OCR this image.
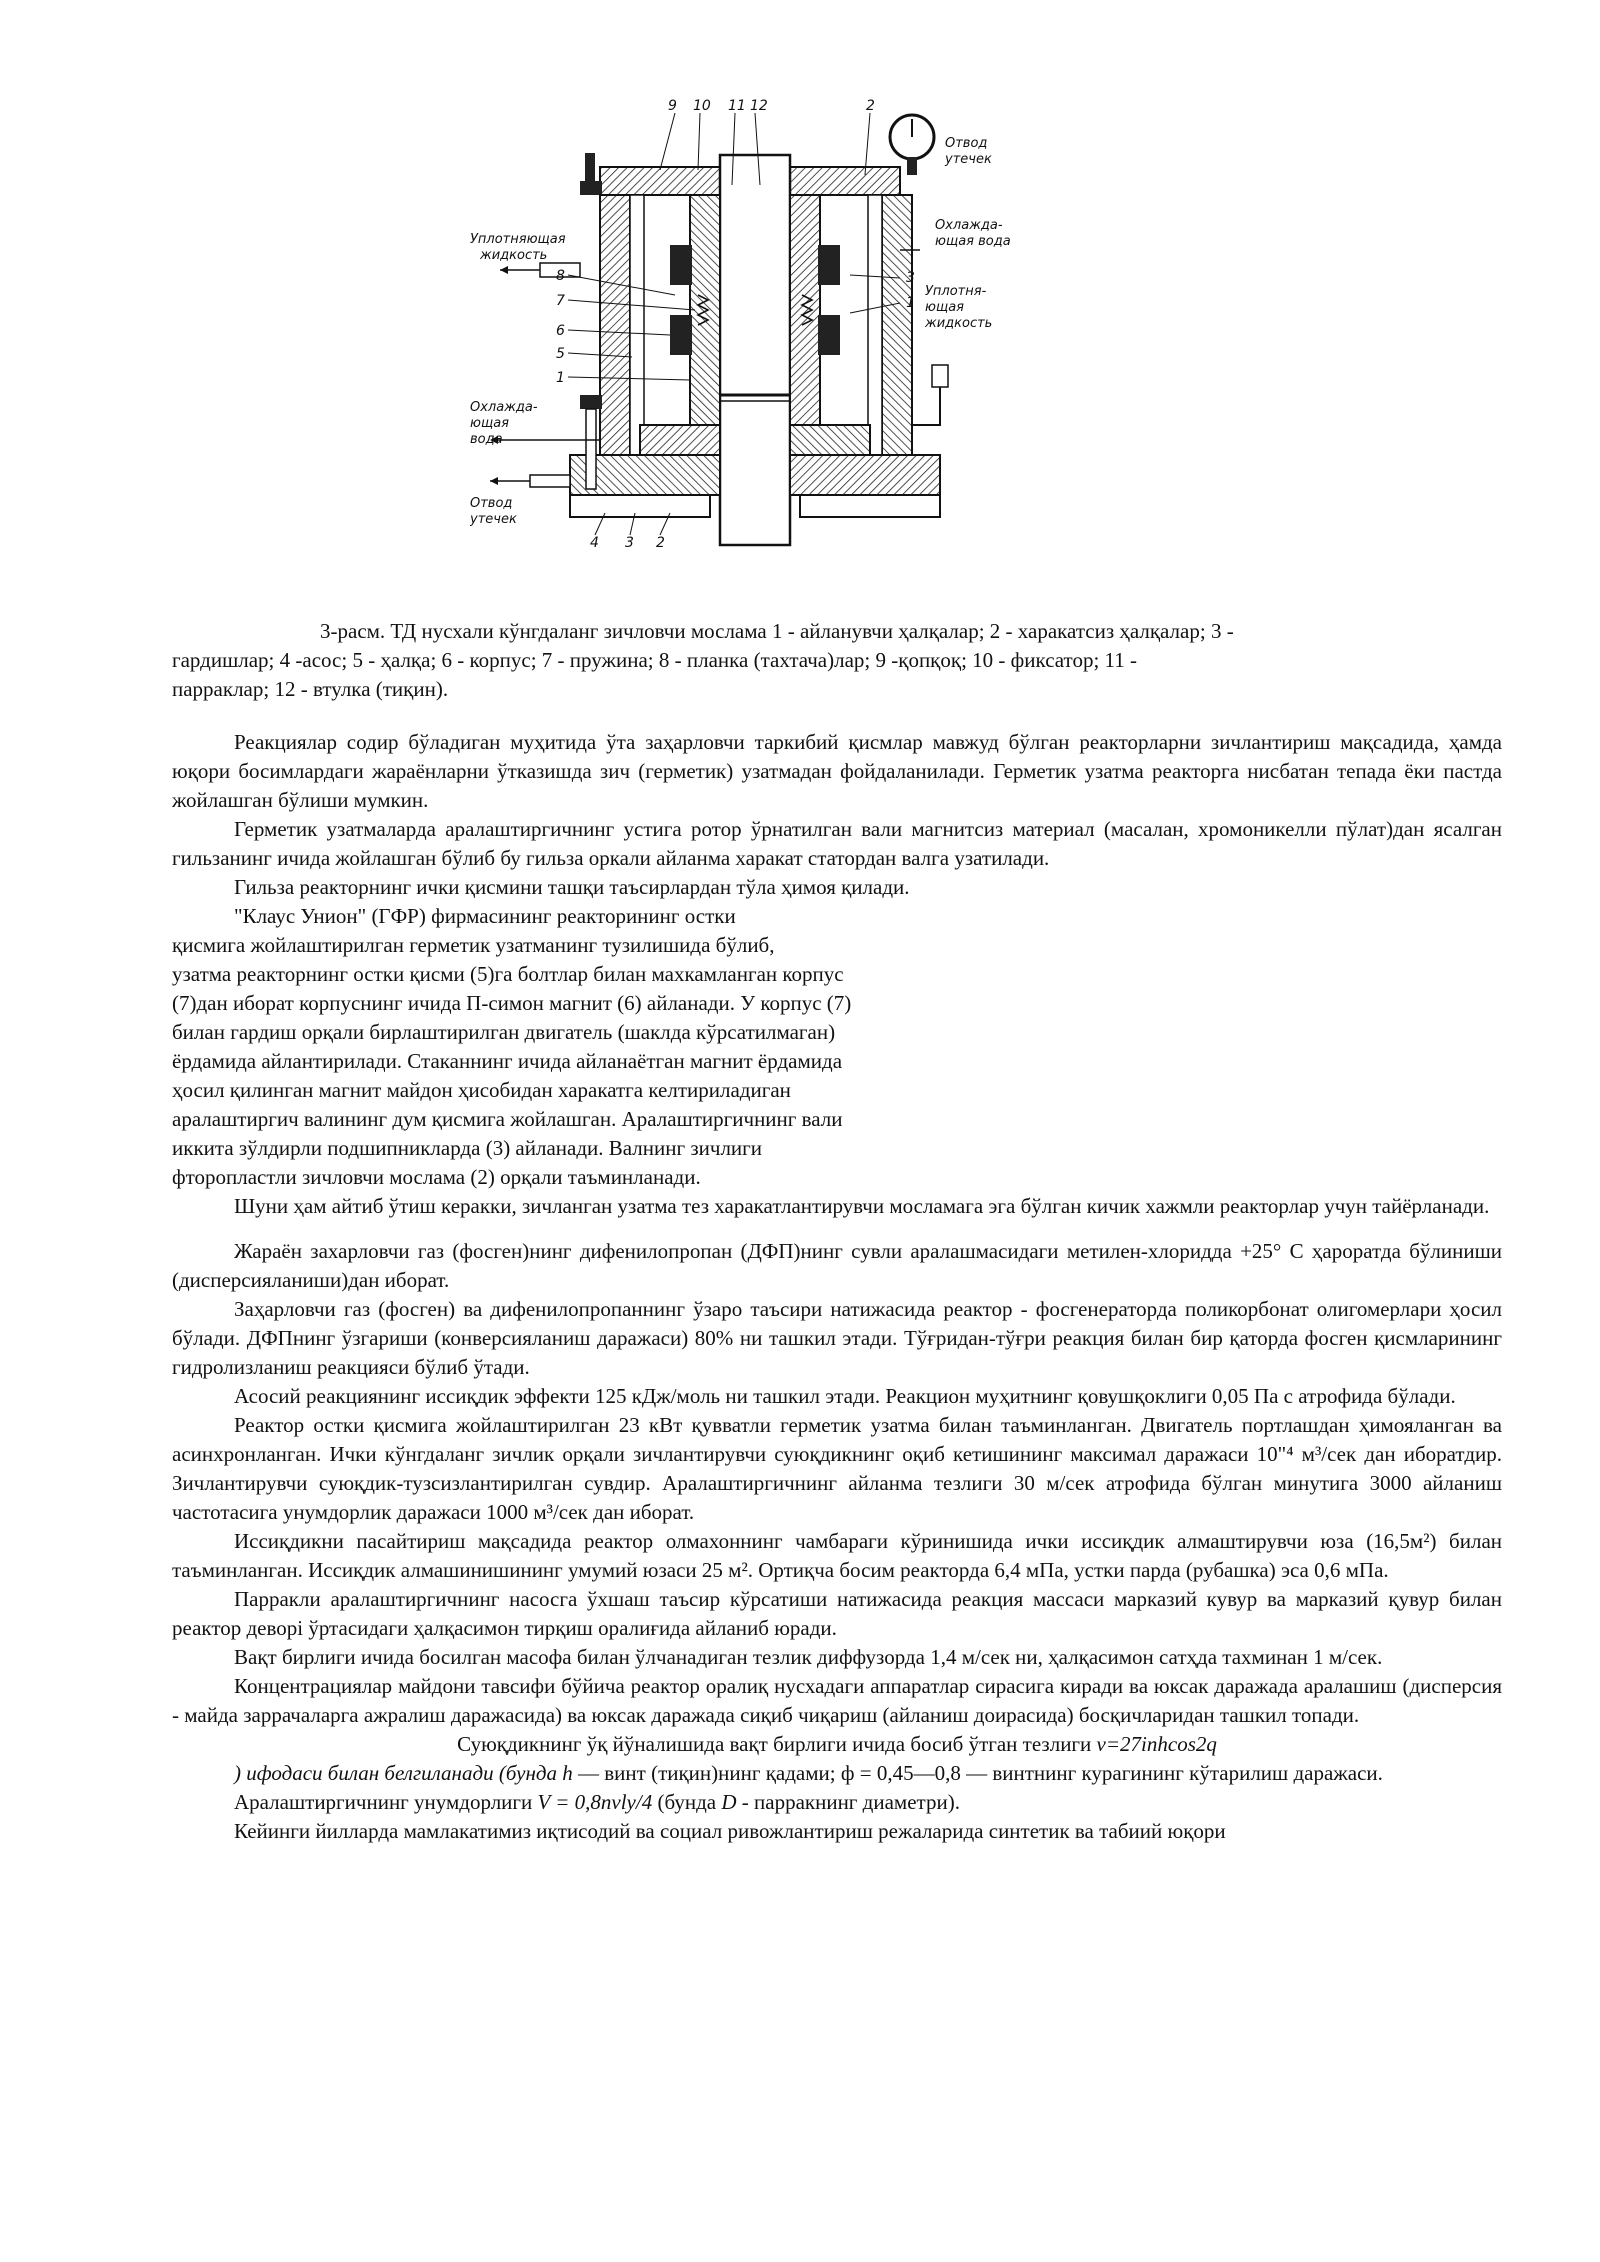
9 10 11 12	2
8
7
6
5
1
3
1
4 3 2
Уплотняющая
жидкость
Отвод
утечек
Охлажда-
ющая вода
Уплотня-
ющая
жидкость
Охлажда-
ющая
вода
Отвод
утечек
3-расм. ТД нусхали кўнгдаланг зичловчи мослама 1 - айланувчи ҳалқалар; 2 - харакатсиз ҳалқалар; 3 -
гардишлар; 4 -асос; 5 - ҳалқа; 6 - корпус; 7 - пружина; 8 - планка (тахтача)лар; 9 -қопқоқ; 10 - фиксатор; 11 -
парраклар; 12 - втулка (тиқин).

Реакциялар содир бўладиган муҳитида ўта заҳарловчи таркибий қисмлар мавжуд бўлган реакторларни зичлантириш мақсадида, ҳамда юқори босимлардаги жараёнларни ўтказишда зич (герметик) узатмадан фойдаланилади. Герметик узатма реакторга нисбатан тепада ёки пастда жойлашган бўлиши мумкин.

Герметик узатмаларда аралаштиргичнинг устига ротор ўрнатилган вали магнитсиз материал (масалан, хромоникелли пўлат)дан ясалган гильзанинг ичида жойлашган бўлиб бу гильза оркали айланма харакат статордан валга узатилади.

Гильза реакторнинг ички қисмини ташқи таъсирлардан тўла ҳимоя қилади.

"Клаус Унион" (ГФР) фирмасининг реакторининг остки
қисмига жойлаштирилган герметик узатманинг тузилишида бўлиб,
узатма реакторнинг остки қисми (5)га болтлар билан махкамланган корпус
(7)дан иборат корпуснинг ичида П-симон магнит (6) айланади. У корпус (7)
билан гардиш орқали бирлаштирилган двигатель (шаклда кўрсатилмаган)
ёрдамида айлантирилади. Стаканнинг ичида айланаётган магнит ёрдамида
ҳосил қилинган магнит майдон ҳисобидан харакатга келтириладиган
аралаштиргич валининг дум қисмига жойлашган. Аралаштиргичнинг вали
иккита зўлдирли подшипникларда (3) айланади. Валнинг зичлиги
фторопластли зичловчи мослама (2) орқали таъминланади.

Шуни ҳам айтиб ўтиш керакки, зичланган узатма тез харакатлантирувчи мосламага эга бўлган кичик хажмли реакторлар учун тайёрланади.

Жараён захарловчи газ (фосген)нинг дифенилопропан (ДФП)нинг сувли аралашмасидаги метилен-хлоридда +25° С ҳароратда бўлиниши (дисперсияланиши)дан иборат.

Заҳарловчи газ (фосген) ва дифенилопропаннинг ўзаро таъсири натижасида реактор - фосгенераторда поликорбонат олигомерлари ҳосил бўлади. ДФПнинг ўзгариши (конверсияланиш даражаси) 80% ни ташкил этади. Тўғридан-тўғри реакция билан бир қаторда фосген қисмларининг гидролизланиш реакцияси бўлиб ўтади.

Асосий реакциянинг иссиқдик эффекти 125 кДж/моль ни ташкил этади. Реакцион муҳитнинг қовушқоклиги 0,05 Па с атрофида бўлади.

Реактор остки қисмига жойлаштирилган 23 кВт қувватли герметик узатма билан таъминланган. Двигатель портлашдан ҳимояланган ва асинхронланган. Ички кўнгдаланг зичлик орқали зичлантирувчи суюқдикнинг оқиб кетишининг максимал даражаси 10"⁴ м³/сек дан иборатдир. Зичлантирувчи суюқдик-тузсизлантирилган сувдир. Аралаштиргичнинг айланма тезлиги 30 м/сек атрофида бўлган минутига 3000 айланиш частотасига унумдорлик даражаси 1000 м³/сек дан иборат.

Иссиқдикни пасайтириш мақсадида реактор олмахоннинг чамбараги кўринишида ички иссиқдик алмаштирувчи юза (16,5м²) билан таъминланган. Иссиқдик алмашинишининг умумий юзаси 25 м². Ортиқча босим реакторда 6,4 мПа, устки парда (рубашка) эса 0,6 мПа.

Парракли аралаштиргичнинг насосга ўхшаш таъсир кўрсатиши натижасида реакция массаси марказий кувур ва марказий қувур билан реактор деворі ўртасидаги ҳалқасимон тирқиш оралиғида айланиб юради.

Вақт бирлиги ичида босилган масофа билан ўлчанадиган тезлик диффузорда 1,4 м/сек ни, ҳалқасимон сатҳда тахминан 1 м/сек.

Концентрациялар майдони тавсифи бўйича реактор оралиқ нусхадаги аппаратлар сирасига киради ва юксак даражада аралашиш (дисперсия - майда заррачаларга ажралиш даражасида) ва юксак даражада сиқиб чиқариш (айланиш доирасида) босқичларидан ташкил топади.

Суюқдикнинг ўқ йўналишида вақт бирлиги ичида босиб ўтган тезлиги v=27inhcos2q

) ифодаси билан белгиланади (бунда h — винт (тиқин)нинг қадами; ф = 0,45—0,8 — винтнинг курагининг кўтарилиш даражаси.

Аралаштиргичнинг унумдорлиги V = 0,8nvly/4 (бунда D - парракнинг диаметри).

Кейинги йилларда мамлакатимиз иқтисодий ва социал ривожлантириш режаларида синтетик ва табиий юқори
